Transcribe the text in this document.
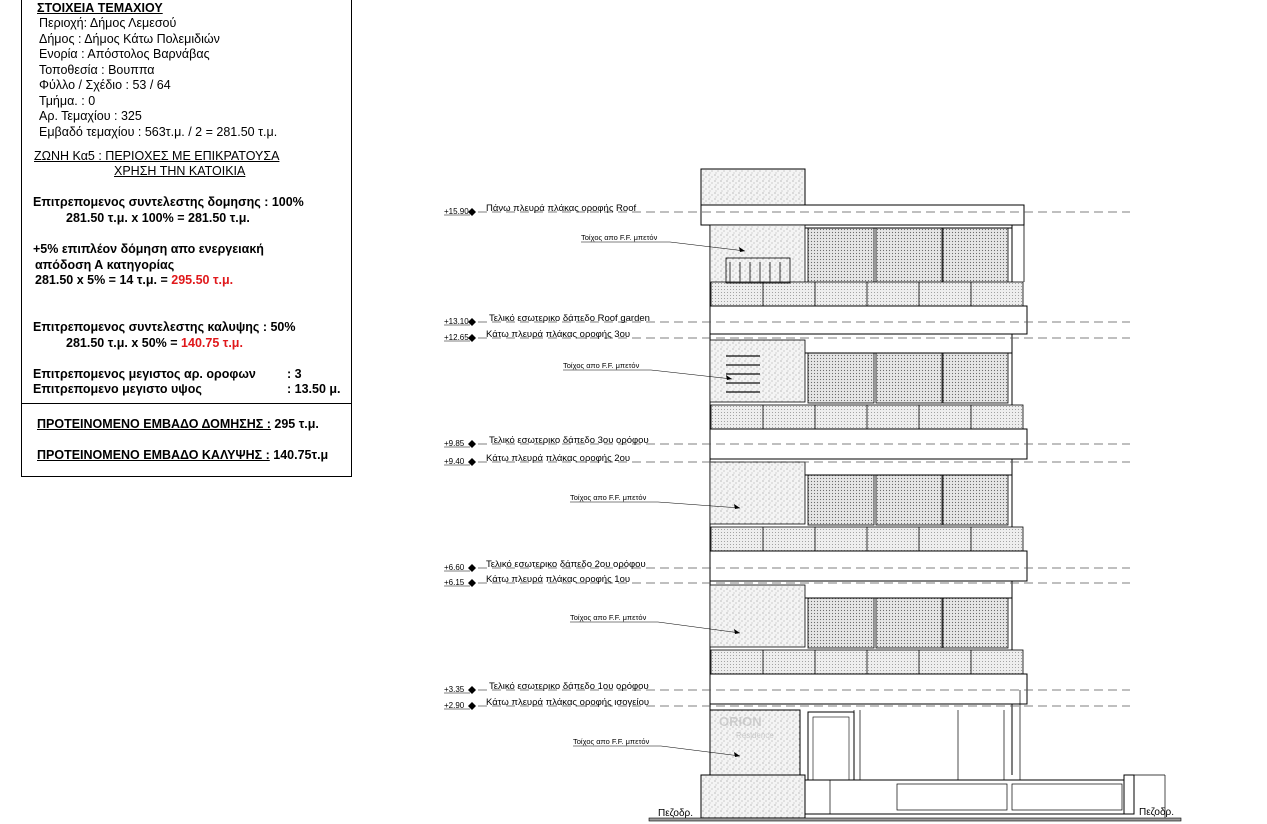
ΣΤΟΙΧΕΙΑ ΤΕΜΑΧΙΟΥ
Περιοχή: Δήμος Λεμεσού
Δήμος : Δήμος Κάτω Πολεμιδιών
Ενορία : Απόστολος Βαρνάβας
Τοποθεσία : Βουππα
Φύλλο / Σχέδιο : 53 / 64
Τμήμα. : 0
Αρ. Τεμαχίου : 325
Εμβαδό τεμαχίου : 563τ.μ. / 2 = 281.50 τ.μ.
ΖΩΝΗ Κα5 : ΠΕΡΙΟΧΕΣ ΜΕ ΕΠΙΚΡΑΤΟΥΣΑ
ΧΡΗΣΗ ΤΗΝ ΚΑΤΟΙΚΙΑ
Επιτρεπομενος συντελεστης δομησης : 100%
281.50 τ.μ. x 100% = 281.50 τ.μ.
+5% επιπλέον δόμηση απο ενεργειακή
απόδοση Α κατηγορίας
281.50 x 5% = 14 τ.μ. = 295.50 τ.μ.
Επιτρεπομενος συντελεστης καλυψης : 50%
281.50 τ.μ. x 50% = 140.75 τ.μ.
Επιτρεπομενος μεγιστος αρ. οροφων : 3
Επιτρεπομενο μεγιστο υψος	: 13.50 μ.
ΠΡΟΤΕΙΝΟΜΕΝΟ ΕΜΒΑΔΟ ΔΟΜΗΣΗΣ : 295 τ.μ.
ΠΡΟΤΕΙΝΟΜΕΝΟ ΕΜΒΑΔΟ ΚΑΛΥΨΗΣ : 140.75τ.μ
+15.90 Πάνω πλευρά πλάκας οροφής Roof
+13.10 Τελικό εσωτερικο δάπεδο Roof garden
+12.65 Κάτω πλευρά πλάκας οροφής 3ου
+9.85	Τελικό εσωτερικο δάπεδο 3ου ορόφου
+9.40 Κάτω πλευρά πλάκας οροφής 2ου
+6.60 Τελικό εσωτερικο δάπεδο 2ου ορόφου
+6.15 Κάτω πλευρά πλάκας οροφής 1ου
+3.35	Τελικό εσωτερικο δάπεδο 1ου ορόφου
+2.90 Κάτω πλευρά πλάκας οροφής ισογείου
ORION
Residence
Πεζοδρ.	Πεζοδρ.
Τοίχος απο F.F. μπετόν
Τοίχος απο F.F. μπετόν
Τοίχος απο F.F. μπετόν
Τοίχος απο F.F. μπετόν
Τοίχος απο F.F. μπετόν
